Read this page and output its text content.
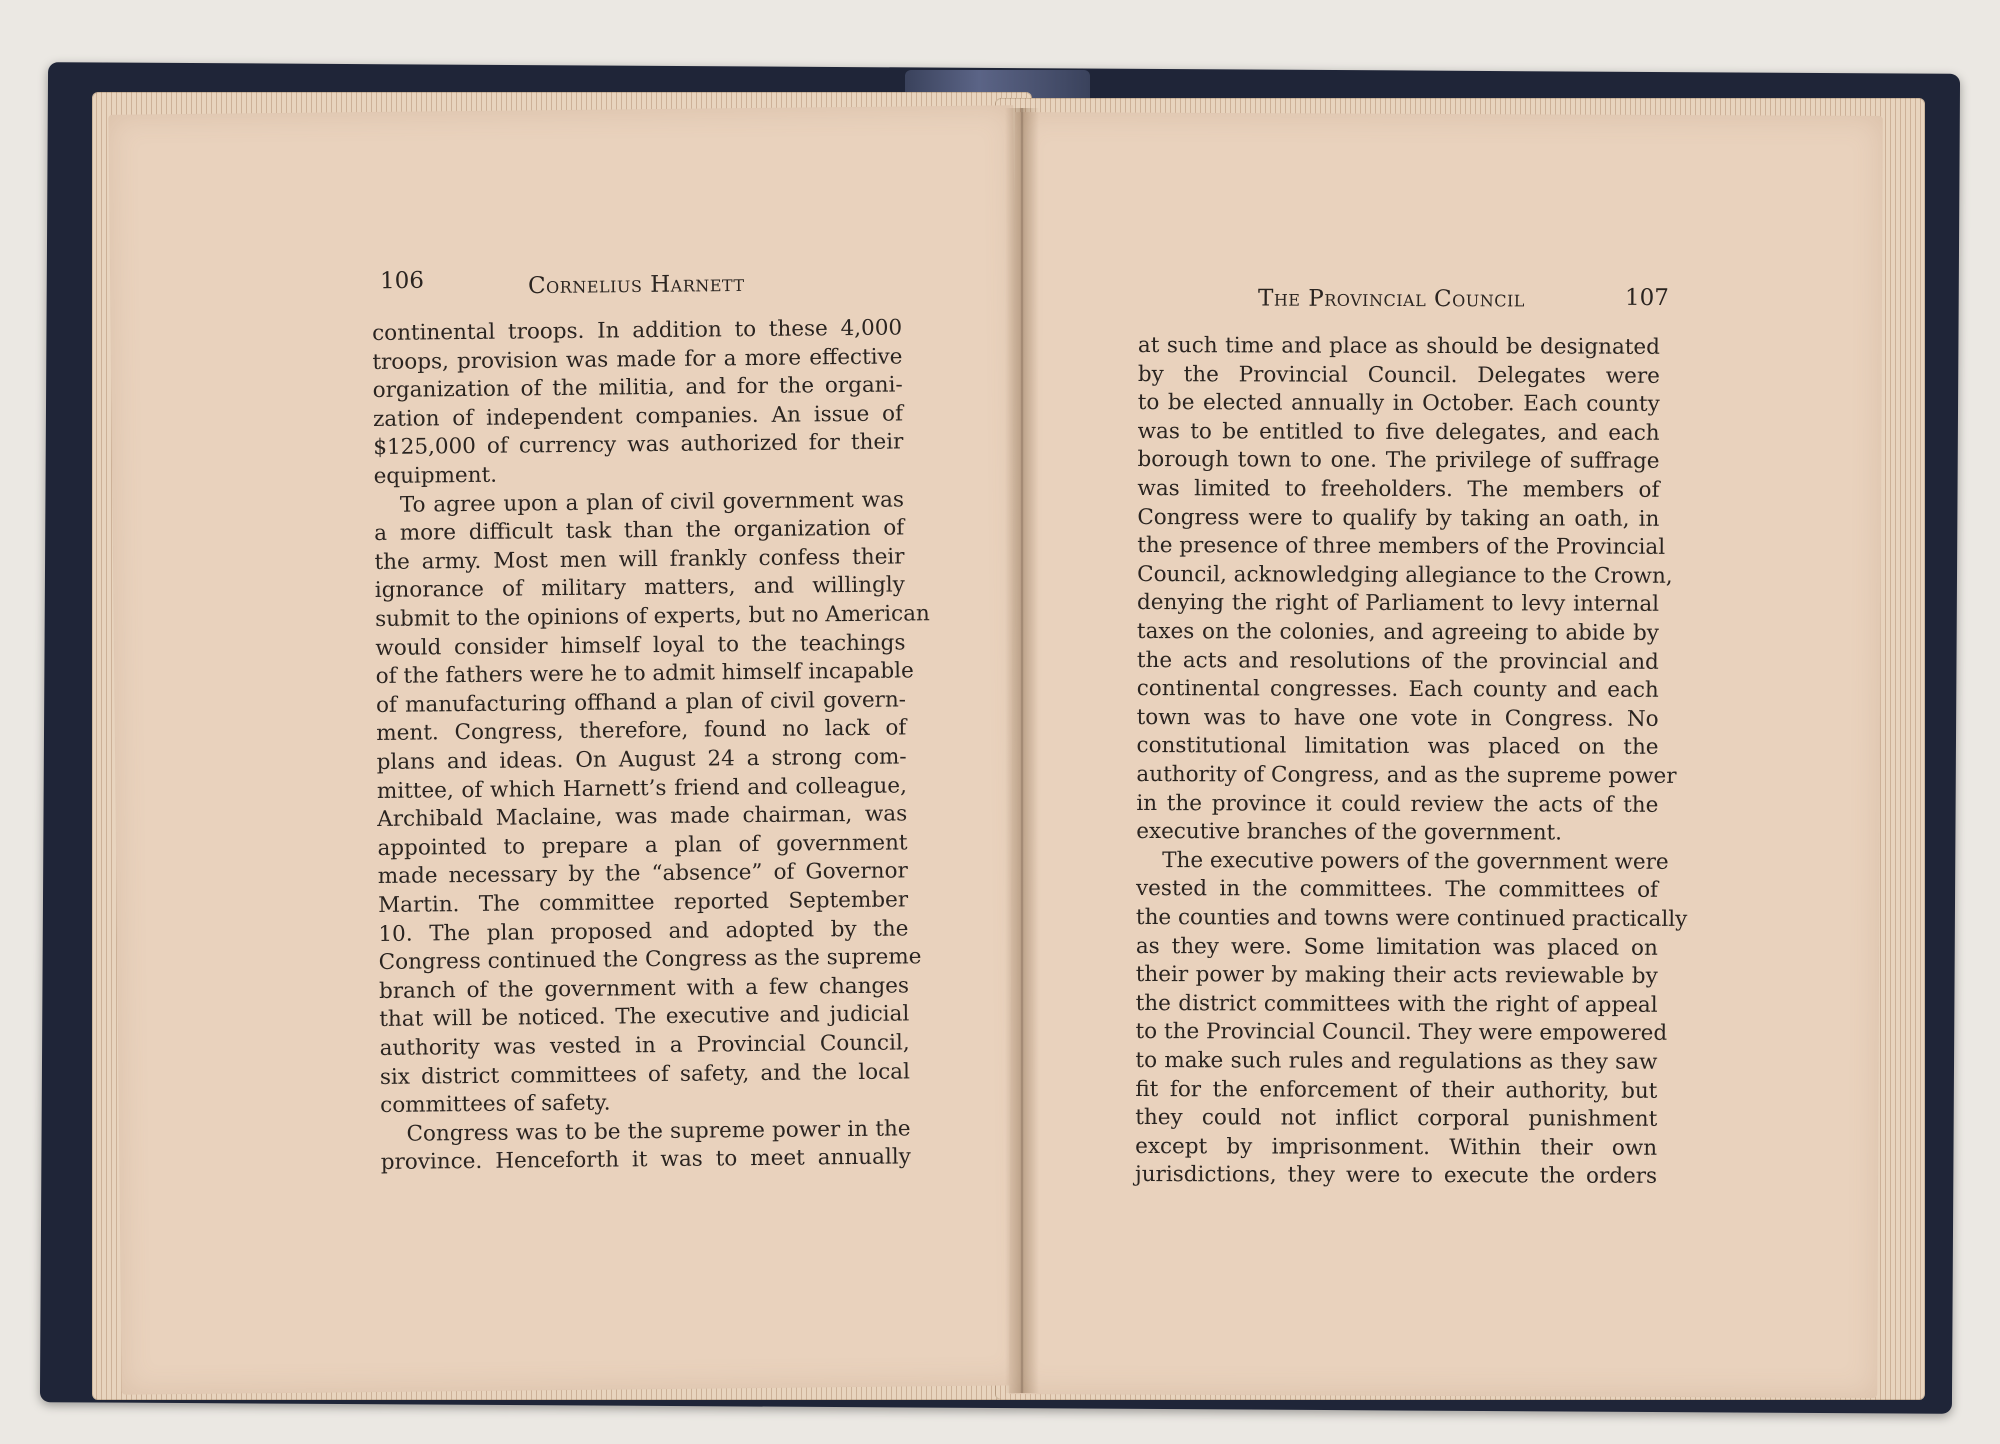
106	Cornelius Harnett	The Provincial Council	107
continental troops. In addition to these 4,000
troops, provision was made for a more effective
organization of the militia, and for the organi-
zation of independent companies. An issue of
$125,000 of currency was authorized for their
equipment.
To agree upon a plan of civil government was
a more difficult task than the organization of
the army. Most men will frankly confess their
ignorance of military matters, and willingly
submit to the opinions of experts, but no American
would consider himself loyal to the teachings
of the fathers were he to admit himself incapable
of manufacturing offhand a plan of civil govern-
ment. Congress, therefore, found no lack of
plans and ideas. On August 24 a strong com-
mittee, of which Harnett’s friend and colleague,
Archibald Maclaine, was made chairman, was
appointed to prepare a plan of government
made necessary by the “absence” of Governor
Martin. The committee reported September
10. The plan proposed and adopted by the
Congress continued the Congress as the supreme
branch of the government with a few changes
that will be noticed. The executive and judicial
authority was vested in a Provincial Council,
six district committees of safety, and the local
committees of safety.
Congress was to be the supreme power in the
province. Henceforth it was to meet annually
at such time and place as should be designated
by the Provincial Council. Delegates were
to be elected annually in October. Each county
was to be entitled to five delegates, and each
borough town to one. The privilege of suffrage
was limited to freeholders. The members of
Congress were to qualify by taking an oath, in
the presence of three members of the Provincial
Council, acknowledging allegiance to the Crown,
denying the right of Parliament to levy internal
taxes on the colonies, and agreeing to abide by
the acts and resolutions of the provincial and
continental congresses. Each county and each
town was to have one vote in Congress. No
constitutional limitation was placed on the
authority of Congress, and as the supreme power
in the province it could review the acts of the
executive branches of the government.
The executive powers of the government were
vested in the committees. The committees of
the counties and towns were continued practically
as they were. Some limitation was placed on
their power by making their acts reviewable by
the district committees with the right of appeal
to the Provincial Council. They were empowered
to make such rules and regulations as they saw
fit for the enforcement of their authority, but
they could not inflict corporal punishment
except by imprisonment. Within their own
jurisdictions, they were to execute the orders
